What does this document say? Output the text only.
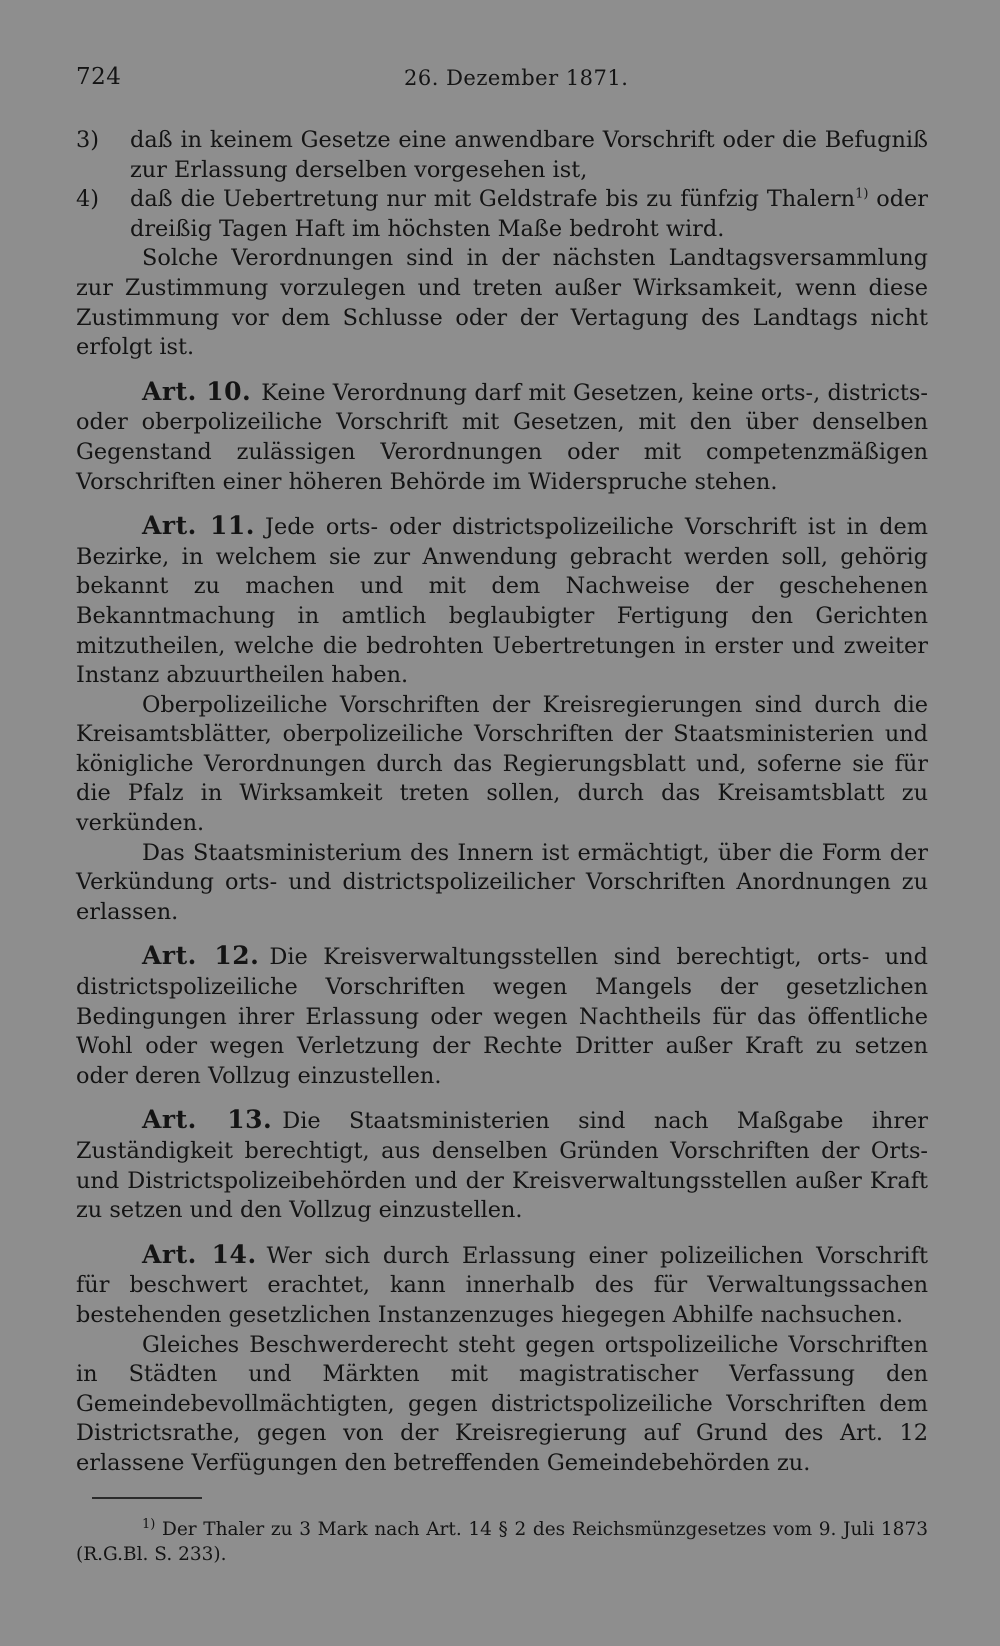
724	26. Dezember 1871.

3) daß in keinem Gesetze eine anwendbare Vorschrift oder die Befugniß zur Erlassung derselben vorgesehen ist,

4) daß die Uebertretung nur mit Geldstrafe bis zu fünfzig Thalern$^{1)}$ oder dreißig Tagen Haft im höchsten Maße bedroht wird.

Solche Verordnungen sind in der nächsten Landtagsversammlung zur Zustimmung vorzulegen und treten außer Wirksamkeit, wenn diese Zustimmung vor dem Schlusse oder der Vertagung des Landtags nicht erfolgt ist.

Art. 10. Keine Verordnung darf mit Gesetzen, keine orts-, districts- oder oberpolizeiliche Vorschrift mit Gesetzen, mit den über denselben Gegenstand zulässigen Verordnungen oder mit competenzmäßigen Vorschriften einer höheren Behörde im Widerspruche stehen.

Art. 11. Jede orts- oder districtspolizeiliche Vorschrift ist in dem Bezirke, in welchem sie zur Anwendung gebracht werden soll, gehörig bekannt zu machen und mit dem Nachweise der geschehenen Bekanntmachung in amtlich beglaubigter Fertigung den Gerichten mitzutheilen, welche die bedrohten Uebertretungen in erster und zweiter Instanz abzuurtheilen haben.

Oberpolizeiliche Vorschriften der Kreisregierungen sind durch die Kreisamtsblätter, oberpolizeiliche Vorschriften der Staatsministerien und königliche Verordnungen durch das Regierungsblatt und, soferne sie für die Pfalz in Wirksamkeit treten sollen, durch das Kreisamtsblatt zu verkünden.

Das Staatsministerium des Innern ist ermächtigt, über die Form der Verkündung orts- und districtspolizeilicher Vorschriften Anordnungen zu erlassen.

Art. 12. Die Kreisverwaltungsstellen sind berechtigt, orts- und districtspolizeiliche Vorschriften wegen Mangels der gesetzlichen Bedingungen ihrer Erlassung oder wegen Nachtheils für das öffentliche Wohl oder wegen Verletzung der Rechte Dritter außer Kraft zu setzen oder deren Vollzug einzustellen.

Art. 13. Die Staatsministerien sind nach Maßgabe ihrer Zuständigkeit berechtigt, aus denselben Gründen Vorschriften der Orts- und Districtspolizeibehörden und der Kreisverwaltungsstellen außer Kraft zu setzen und den Vollzug einzustellen.

Art. 14. Wer sich durch Erlassung einer polizeilichen Vorschrift für beschwert erachtet, kann innerhalb des für Verwaltungssachen bestehenden gesetzlichen Instanzenzuges hiegegen Abhilfe nachsuchen.

Gleiches Beschwerderecht steht gegen ortspolizeiliche Vorschriften in Städten und Märkten mit magistratischer Verfassung den Gemeindebevollmächtigten, gegen districtspolizeiliche Vorschriften dem Districtsrathe, gegen von der Kreisregierung auf Grund des Art. 12 erlassene Verfügungen den betreffenden Gemeindebehörden zu.

$^{1)}$ Der Thaler zu 3 Mark nach Art. 14 § 2 des Reichsmünzgesetzes vom 9. Juli 1873 (R.G.Bl. S. 233).
